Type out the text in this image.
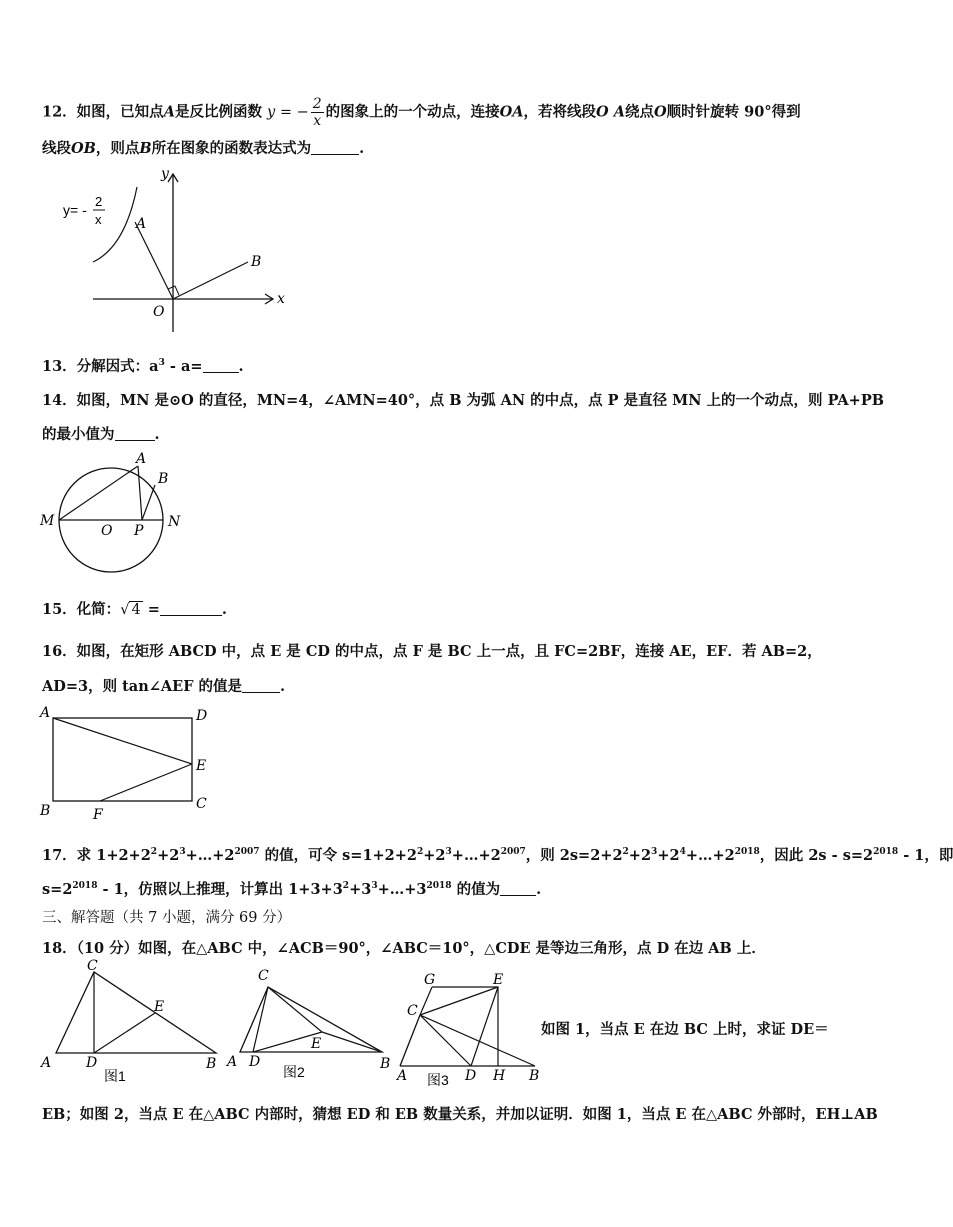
12．如图，已知点A是反比例函数 y = − $\frac{2}{x}$ 的图象上的一个动点，连接OA，若将线段O A绕点O顺时针旋转 90°得到
线段OB，则点B所在图象的函数表达式为	.
y= -
2
x
y
x
O
A
B
13．分解因式：$a^3 - a=$ .
14．如图，MN 是⊙O 的直径，MN=4，∠AMN=40°，点 B 为弧 AN 的中点，点 P 是直径 MN 上的一个动点，则 PA+PB
的最小值为	.
M
O P
N
A
B
15．化简：√ 4 =	.
16．如图，在矩形 ABCD 中，点 E 是 CD 的中点，点 F 是 BC 上一点，且 FC=2BF，连接 AE，EF．若 AB=2，
AD=3，则 tan∠AEF 的值是	.
A
B
D
E
C
F
17．求 $1+2+2^2+2^3+\dots+2^{2007}$ 的值，可令 $s=1+2+2^2+2^3+\dots+2^{2007}$，则 $2s=2+2^2+2^3+2^4+\dots+2^{2018}$，因此 $2s - s=2^{2018} - 1$，即
$s=2^{2018} - 1$，仿照以上推理，计算出 $1+3+3^2+3^3+\dots+3^{2018}$ 的值为 .
三、解答题（共 7 小题，满分 69 分）
18．（10 分）如图，在△ABC 中，∠ACB＝90°，∠ABC＝10°，△CDE 是等边三角形，点 D 在边 AB 上．
C
E
A D	B
图1
C
E
A D	B
图2
G	E
C
A	D H B
图3
如图 1，当点 E 在边 BC 上时，求证 DE＝
EB；如图 2，当点 E 在△ABC 内部时，猜想 ED 和 EB 数量关系，并加以证明．如图 1，当点 E 在△ABC 外部时，EH⊥AB
